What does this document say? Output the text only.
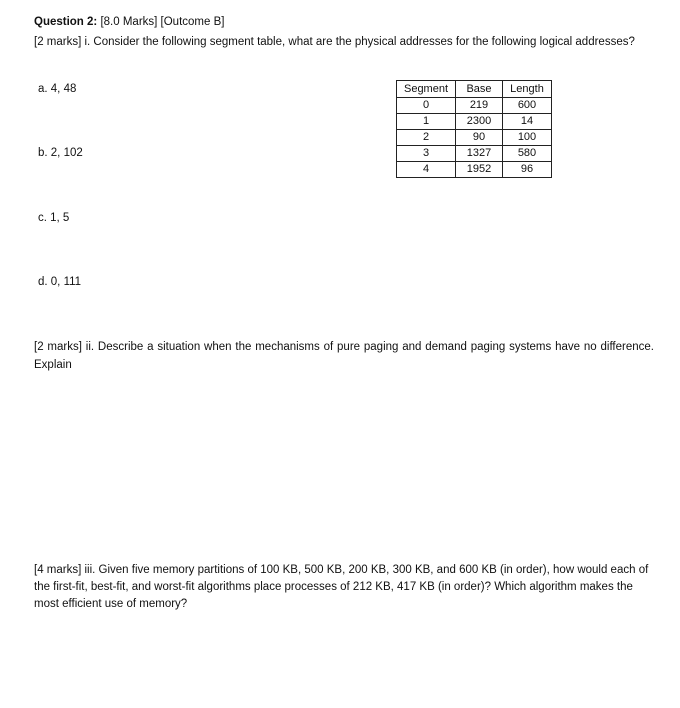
Question 2: [8.0 Marks] [Outcome B]
[2 marks] i. Consider the following segment table, what are the physical addresses for the following logical addresses?
a. 4, 48
b. 2, 102
c. 1, 5
d. 0, 111
Segment	Base	Length
0	219	600
1	2300	14
2	90	100
3	1327	580
4	1952	96
[2 marks] ii. Describe a situation when the mechanisms of pure paging and demand paging systems have no difference. Explain
[4 marks] iii. Given five memory partitions of 100 KB, 500 KB, 200 KB, 300 KB, and 600 KB (in order), how would each of the first-fit, best-fit, and worst-fit algorithms place processes of 212 KB, 417 KB (in order)? Which algorithm makes the most efficient use of memory?
